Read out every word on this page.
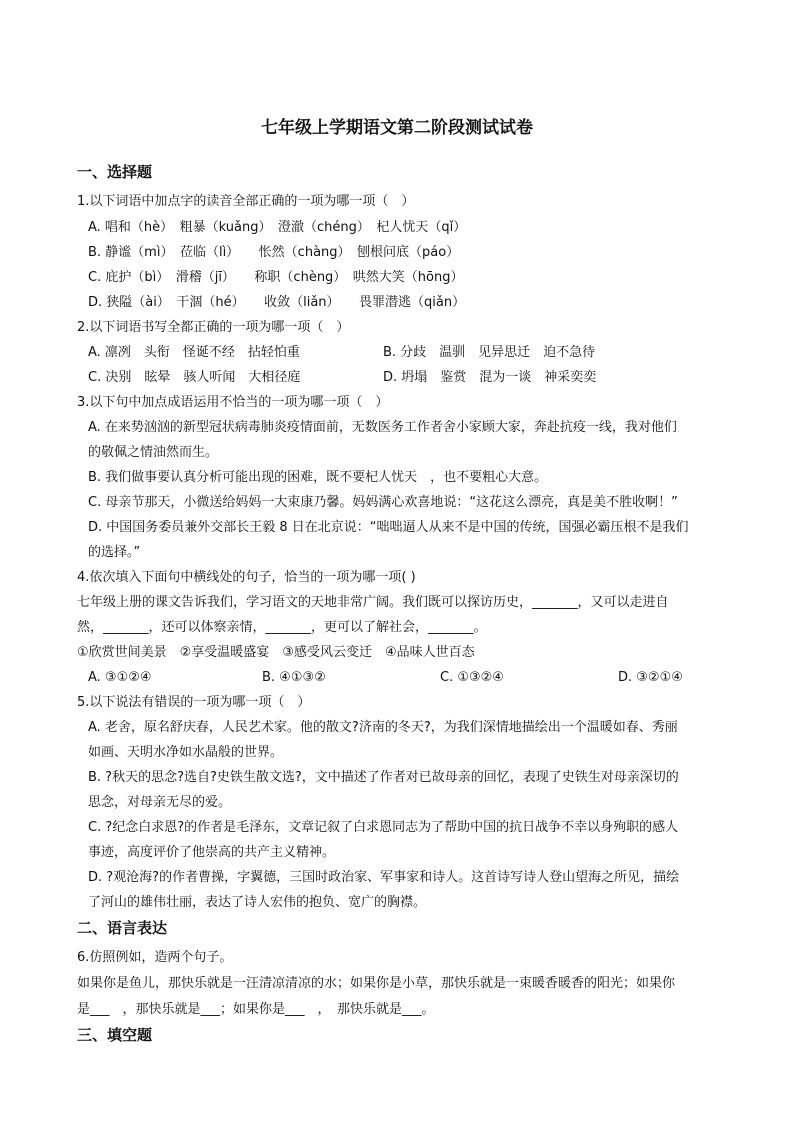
七年级上学期语文第二阶段测试试卷
一、选择题
1.以下词语中加点字的读音全部正确的一项为哪一项（　）
A. 唱和（hè）　粗暴（kuǎng）　澄澈（chéng）　杞人忧天（qǐ）
B. 静谧（mì）　莅临（lì）　　怅然（chàng）　刨根问底（páo）
C. 庇护（bì）　滑稽（jī）　　称职（chèng）　哄然大笑（hōng）
D. 狭隘（ài）　干涸（hé）　　收敛（liǎn）　　畏罪潜逃（qiǎn）
2.以下词语书写全都正确的一项为哪一项（　）
A. 凛冽　头衔　怪诞不经　拈轻怕重	B. 分歧　温驯　见异思迁　迫不急待
C. 决别　眩晕　骇人听闻　大相径庭	D. 坍塌　鉴赏　混为一谈　神采奕奕
3.以下句中加点成语运用不恰当的一项为哪一项（　）
A. 在来势汹汹的新型冠状病毒肺炎疫情面前，无数医务工作者舍小家顾大家，奔赴抗疫一线，我对他们
的敬佩之情油然而生。
B. 我们做事要认真分析可能出现的困难，既不要杞人忧天　，也不要粗心大意。
C. 母亲节那天，小微送给妈妈一大束康乃馨。妈妈满心欢喜地说：“这花这么漂亮，真是美不胜收啊！”
D. 中国国务委员兼外交部长王毅 8 日在北京说：“咄咄逼人从来不是中国的传统，国强必霸压根不是我们
的选择。”
4.依次填入下面句中横线处的句子，恰当的一项为哪一项( )
七年级上册的课文告诉我们，学习语文的天地非常广阔。我们既可以探访历史，_______，又可以走进自
然，_______，还可以体察亲情，_______，更可以了解社会，_______。
①欣赏世间美景　②享受温暖盛宴　③感受风云变迁　④品味人世百态
A. ③①②④	B. ④①③②	C. ①③②④	D. ③②①④
5.以下说法有错误的一项为哪一项（　）
A. 老舍，原名舒庆春，人民艺术家。他的散文?济南的冬天?，为我们深情地描绘出一个温暖如春、秀丽
如画、天明水净如水晶般的世界。
B. ?秋天的思念?选自?史铁生散文选?，文中描述了作者对已故母亲的回忆，表现了史铁生对母亲深切的
思念，对母亲无尽的爱。
C. ?纪念白求恩?的作者是毛泽东，文章记叙了白求恩同志为了帮助中国的抗日战争不幸以身殉职的感人
事迹，高度评价了他崇高的共产主义精神。
D. ?观沧海?的作者曹操，字翼德，三国时政治家、军事家和诗人。这首诗写诗人登山望海之所见，描绘
了河山的雄伟壮丽，表达了诗人宏伟的抱负、宽广的胸襟。
二、语言表达
6.仿照例如，造两个句子。
如果你是鱼儿，那快乐就是一汪清凉清凉的水；如果你是小草，那快乐就是一束暖香暖香的阳光；如果你
是___　，那快乐就是___；如果你是___　，　那快乐就是___。
三、填空题
